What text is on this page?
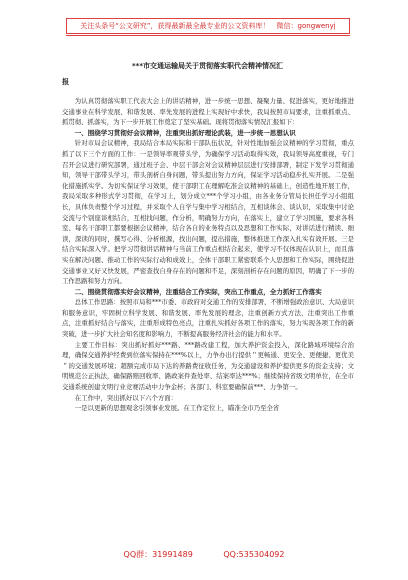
关注头条号“公文研究”，获得最新最全最专业的公文资料库！　微信：gongwenyj
***市交通运输局关于贯彻落实职代会精神情况汇
报

为认真贯彻落实职工代表大会上的讲话精神，进一步统一思想、凝聚力量、促进落实，更好地推进交通事业在科学发展、和谐发展、率先发展的进程上实现好中求快，我局按照市局要求，注重抓重点、抓贯彻、抓落实，为下一步开展工作奠定了坚实基础。现将贯彻落实情况汇报如下：

一、围绕学习贯彻好会议精神，注重突出抓好理论武装，进一步统一思想认识

针对市局会议精神，我局结合本局实际和干部队伍状况，针对性地加强会议精神的学习贯彻，重点抓了以下三个方面的工作：一是领导率观带头学，为确保学习活动取得实效，我局领导高度重视，专门召开会议进行研究部署，通过班子会、中层干部会对会议精神层层进行安排部署，制定下发学习贯彻通知，领导干部带头学习，带头剖析自身问题，带头提出努力方向，保证学习活动稳步扎实开展。二是强化措施抓实学。为切实保证学习效果，使干部职工在理解吃准会议精神的基础上，创造性地开展工作，我局采取多种形式学习贯彻，在学习上，划分成立***个学习小组，由各业务分管局长担任学习小组组长，具体负责整个学习过程，并采取个人自学与集中学习相结合，互相谈体会、谈认识，采取集中讨论交流与个别座谈相结合，互相找问题，作分析，明确努力方向，在落实上，建立了学习国施，要求各科室、每名干部职工都要根据会议精神，结合各自的业务特点以及思想和工作实际，对讲话进行精读、细读，深读的同时，撰写心得、分析根源，找出问题，提出措施，整体推进工作深入扎实有效开展。三是结合实际深入学。把学习贯彻讲话精神与当前工作重点相结合起来，使学习不仅体现在认识上，而且落实在解决问题、推动工作的实际行动和成效上，全体干部职工紧密联系个人思想和工作实际，围绕促进交通事业又好又快发展，严密查找自身存在的问题和不足，深刻剖析存在问题的原因，明确了下一步的工作思路和努力方向。

二、围绕贯彻落实好会议精神，注重结合工作实际，突出工作重点，全力抓好工作落实

总体工作思路：按照市局和***市委、市政府对交通工作的安排部署，不断增强政治意识、大局意识和服务意识，牢固树立科学发展、和谐发展、率先发展的理念，注重创新方式方法，注重突出工作重点，注重抓好结合与落实，注重形成特色亮点，注重扎实抓好各项工作的落实，努力实现各项工作的新突破，进一步扩大社会知名度和影响力，不断提高服务经济社会的能力和水平。

主要工作目标：突出抓好抓好***路、***路改建工程，加大养护资金投入，深化路域环境综合治理，确保交通养护经费到位落实保持在***%以上，力争办出行提供＂更畅通、更安全、更便捷、更优美＂的交通发展环境；超额完成市局下达的养路费征收任务，为交通建设和养护提供更多的资金支持；文明规范公正执法，确保路赔回收率、路政案件查处率、结案率达***%；继续保持省级文明单位，在全市交通系统创建文明行业竞赛活动中力争金杯；各部门、科室要确保前***、力争第一。

在工作中，突出抓好以下六个方面：

一是以更新的思想观念引领事业发展。在工作定位上，瞄准全市乃至全省

QQ群：31991489	QQ:535304092
